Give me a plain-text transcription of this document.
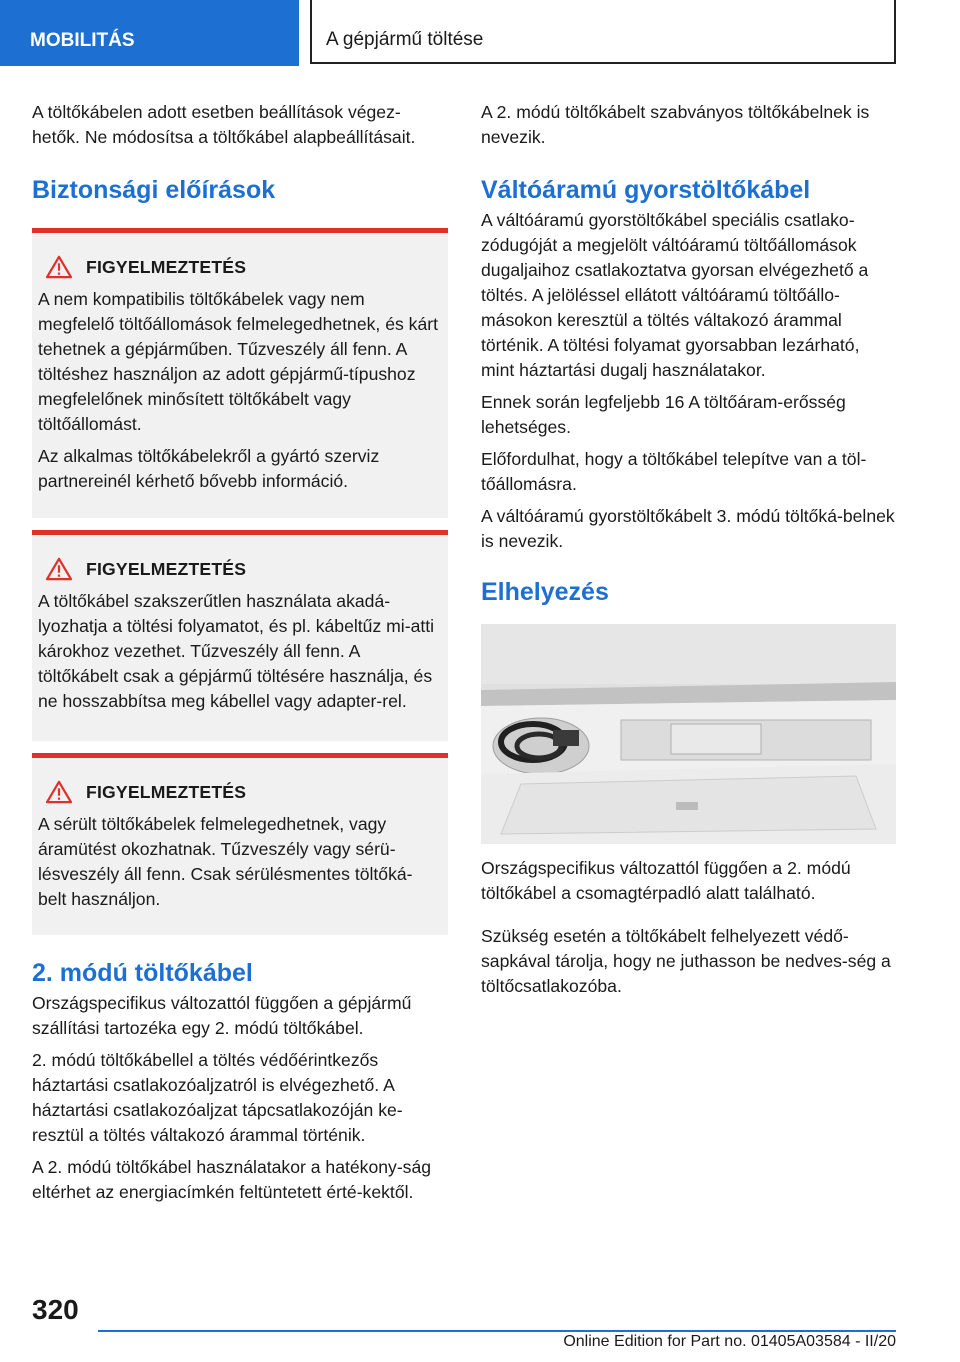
MOBILITÁS	A gépjármű töltése

A töltőkábelen adott esetben beállítások végez-
hetők. Ne módosítsa a töltőkábel alapbeállításait.

Biztonsági előírások
FIGYELMEZTETÉS

A nem kompatibilis töltőkábelek vagy nem megfelelő töltőállomások felmelegedhetnek, és kárt tehetnek a gépjárműben. Tűzveszély áll fenn. A töltéshez használjon az adott gépjármű-típushoz megfelelőnek minősített töltőkábelt vagy töltőállomást.

Az alkalmas töltőkábelekről a gyártó szerviz partnereinél kérhető bővebb információ.

FIGYELMEZTETÉS

A töltőkábel szakszerűtlen használata akadá-lyozhatja a töltési folyamatot, és pl. kábeltűz mi-atti károkhoz vezethet. Tűzveszély áll fenn. A töltőkábelt csak a gépjármű töltésére használja, és ne hosszabbítsa meg kábellel vagy adapter-rel.

FIGYELMEZTETÉS

A sérült töltőkábelek felmelegedhetnek, vagy áramütést okozhatnak. Tűzveszély vagy sérü-lésveszély áll fenn. Csak sérülésmentes töltőká-belt használjon.

2. módú töltőkábel

Országspecifikus változattól függően a gépjármű szállítási tartozéka egy 2. módú töltőkábel.

2. módú töltőkábellel a töltés védőérintkezős háztartási csatlakozóaljzatról is elvégezhető. A háztartási csatlakozóaljzat tápcsatlakozóján ke-resztül a töltés váltakozó árammal történik.

A 2. módú töltőkábel használatakor a hatékony-ság eltérhet az energiacímkén feltüntetett érté-kektől.

A 2. módú töltőkábelt szabványos töltőkábelnek is nevezik.

Váltóáramú gyorstöltőkábel

A váltóáramú gyorstöltőkábel speciális csatlako-zódugóját a megjelölt váltóáramú töltőállomások dugaljaihoz csatlakoztatva gyorsan elvégezhető a töltés. A jelöléssel ellátott váltóáramú töltőállo-másokon keresztül a töltés váltakozó árammal történik. A töltési folyamat gyorsabban lezárható, mint háztartási dugalj használatakor.

Ennek során legfeljebb 16 A töltőáram-erősség lehetséges.

Előfordulhat, hogy a töltőkábel telepítve van a töl-tőállomásra.

A váltóáramú gyorstöltőkábelt 3. módú töltőká-belnek is nevezik.

Elhelyezés

Országspecifikus változattól függően a 2. módú töltőkábel a csomagtérpadló alatt található.

Szükség esetén a töltőkábelt felhelyezett védő-sapkával tárolja, hogy ne juthasson be nedves-ség a töltőcsatlakozóba.

320
Online Edition for Part no. 01405A03584 - II/20
